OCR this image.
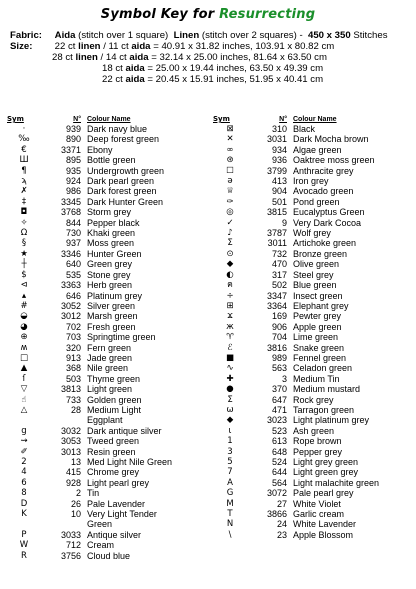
Symbol Key for Resurrecting
Fabric: Aida (stitch over 1 square) Linen (stitch over 2 squares) - 450 x 350 Stitches
Size: 22 ct linen / 11 ct aida = 40.91 x 31.82 inches, 103.91 x 80.82 cm
28 ct linen / 14 ct aida = 32.14 x 25.00 inches, 81.64 x 63.50 cm
18 ct aida = 25.00 x 19.44 inches, 63.50 x 49.39 cm
22 ct aida = 20.45 x 15.91 inches, 51.95 x 40.41 cm
Sym	N°	Colour Name
·	939	Dark navy blue

‰	890	Deep forest green

€	3371	Ebony

Ш	895	Bottle green

¶	935	Undergrowth green

ϡ	924	Dark pearl green

✗	986	Dark forest green

‡	3345	Dark Hunter Green

◘	3768	Storm grey

✧	844	Pepper black

Ω	730	Khaki green

§	937	Moss green

★	3346	Hunter Green

┼	640	Green grey

$	535	Stone grey

⊲	3363	Herb green

▴	646	Platinum grey

#	3052	Silver green

◒	3012	Marsh green

◕	702	Fresh green

⊕	703	Springtime green

ʍ	320	Fern green

□	913	Jade green

▲	368	Nile green

ſ	503	Thyme green

▽	3813	Light green

☝	733	Golden green

△	28	Medium Light
Eggplant

g	3032	Dark antique silver

⇝	3053	Tweed green

✐	3013	Resin green

2	13	Med Light Nile Green

4	415	Chrome grey

6	928	Light pearl grey

8	2	Tin

D	26	Pale Lavender

K	10	Very Light Tender
Green

P	3033	Antique silver

W	712	Cream

R	3756	Cloud blue
Sym	N°	Colour Name
⊠	310	Black

✕	3031	Dark Mocha brown

∞	934	Algae green

⊛	936	Oaktree moss green

☐	3799	Anthracite grey

ə	413	Iron grey

♕	904	Avocado green

✑	501	Pond green

◎	3815	Eucalyptus Green

✓	9	Very Dark Cocoa

♪	3787	Wolf grey

Σ	3011	Artichoke green

⊙	732	Bronze green

◆	470	Olive green

◐	317	Steel grey

ค	502	Blue green

÷	3347	Insect green

⊞	3364	Elephant grey

ϫ	169	Pewter grey

ж	906	Apple green

♈	704	Lime green

ℰ	3816	Snake green

■	989	Fennel green

∿	563	Celadon green

✚	3	Medium Tin

●	370	Medium mustard

Σ	647	Rock grey

ω	471	Tarragon green

◆	3023	Light platinum grey

ɩ	523	Ash green

1	613	Rope brown

3	648	Pepper grey

5	524	Light grey green

7	644	Light green grey

A	564	Light malachite green

G	3072	Pale pearl grey

M	27	White Violet

T	3866	Garlic cream

N	24	White Lavender

\	23	Apple Blossom
